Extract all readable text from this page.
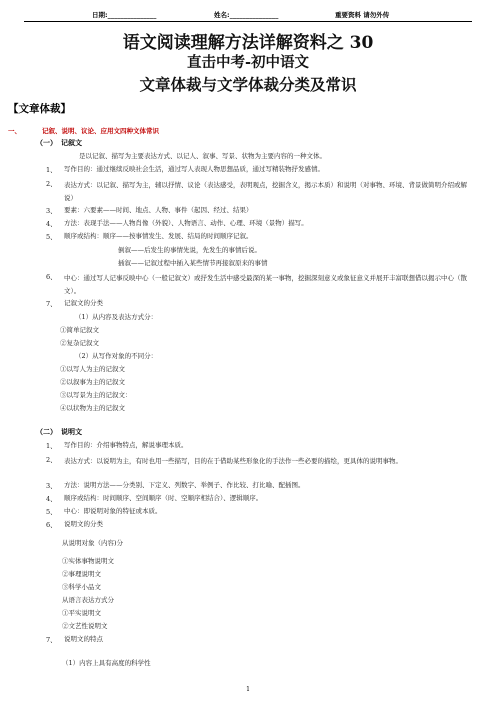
日期:_______________	姓名:_______________	重要资料 请勿外传
语文阅读理解方法详解资料之 30
直击中考-初中语文
文章体裁与文学体裁分类及常识
【文章体裁】
一、	记叙、说明、议论、应用文四种文体常识
（一） 记叙文
是以记叙、描写为主要表达方式、以记人、叙事、写景、状物为主要内容的一种文体。
1、 写作目的：通过继续反映社会生活，通过写人表现人物思想品质，通过写精装物抒发感情。
2、 表达方式：以记叙、描写为主，辅以抒情、议论（表达感受，表明观点，挖掘含义，揭示本质）和说明（对事物、环境、背景做简明介绍或解说）
3、 要素：六要素——时间、地点、人物、事件（起因、经过、结果）
4、 方法：表现手法——人物肖像（外貌）、人物语言、动作、心理、环境（景物）描写。
5、 顺序或结构：顺序——按事情发生、发展、结局的时间顺序记叙。
倒叙——后发生的事情先说，先发生的事情后说。
插叙——记叙过程中插入某些情节再接叙原来的事情
6、 中心：通过写人记事反映中心（一般记叙文）或抒发生活中感受最深的某一事物，挖掘深刻意义或象征意义并展开丰富联想借以揭示中心（散文）。
7、 记叙文的分类
（1）从内容及表达方式分：
①简单记叙文
②复杂记叙文
（2）从写作对象的不同分：
①以写人为主的记叙文
②以叙事为主的记叙文
③以写景为主的记叙文：
④以状物为主的记叙文
（二） 说明文
1、 写作目的：介绍事物特点，解说事理本质。
2、 表达方式：以说明为主，有时也用一些描写，目的在于借助某些形象化的手法作一些必要的描绘，更具体的说明事物。
3、 方法：说明方法——分类别、下定义、列数字、举例子、作比较、打比喻、配插图。
4、 顺序或结构：时间顺序、空间顺序（时、空顺序相结合）、逻辑顺序。
5、 中心：即说明对象的特征或本质。
6、 说明文的分类
从说明对象（内容)分
①实体事物说明文
②事理说明文
③科学小品文
从语言表达方式分
①平实说明文
②文艺性说明文
7、 说明文的特点
（1）内容上具有高度的科学性
1
